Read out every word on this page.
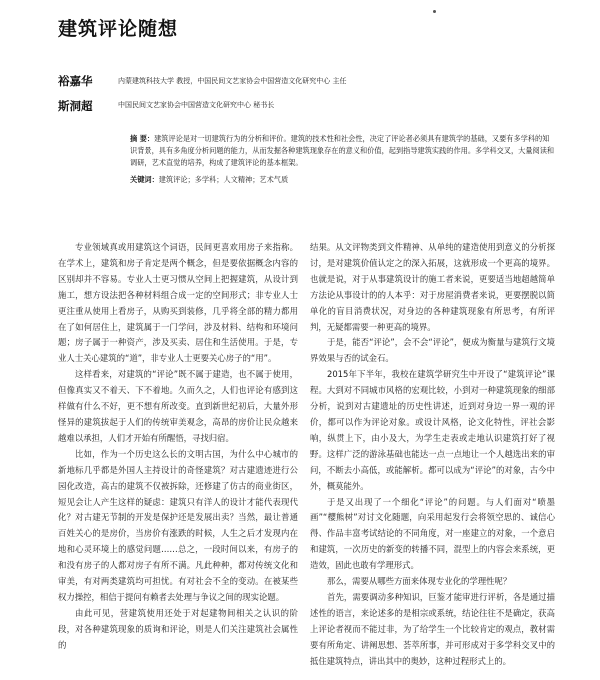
建筑评论随想
裕嘉华	内蒙建筑科技大学 教授，中国民间文艺家协会中国营造文化研究中心 主任
斯洞超	中国民间文艺家协会中国营造文化研究中心 秘书长
摘 要：建筑评论是对一切建筑行为的分析和评价。建筑的技术性和社会性，决定了评论者必须具有建筑学的基础，又要有多学科的知识背景，具有多角度分析问题的能力，从而发掘各种建筑现象存在的意义和价值，起到指导建筑实践的作用。多学科交叉，大量阅读和调研，艺术直觉的培养，构成了建筑评论的基本框架。
关键词：建筑评论；多学科；人文精神；艺术气质

专业领域真或用建筑这个词语，民间更喜欢用房子来指称。在学术上，建筑和房子肯定是两个概念，但是要依据概念内容的区别却并不容易。专业人士更习惯从空间上把握建筑，从设计到施工，想方设法把各种材料组合成一定的空间形式；非专业人士更注重从使用上看房子，从购买到装修，几乎将全部的精力都用在了如何居住上，建筑属于一门学问，涉及材料、结构和环境问题；房子属于一种资产，涉及买卖、居住和生活使用。于是，专业人士关心建筑的“道”，非专业人士更要关心房子的“用”。

这样看来，对建筑的“评论”既不属于建造，也不属于使用，但像真实又不着天、下不着地。久而久之，人们也评论有感到这样做有什么不好，更不想有所改变。直到新世纪初后，大量外形怪异的建筑拔起于人们的传统审美观念，高昂的房价让民众越来越难以承担，人们才开始有所醒悟，寻找归宿。

比如，作为一个历史这么长的文明古国，为什么中心城市的新地标几乎都是外国人主持设计的奇怪建筑？对古建遗迹进行公园化改造，高古的建筑不仅被拆除，还修建了仿古的商业街区，短见会让人产生这样的疑虑：建筑只有洋人的设计才能代表现代化？对古建无节制的开发是保护还是发展出卖？当然，最让普通百姓关心的是房价，当房价有涨跌的时候，人生之后才发现内在地和心灵环境上的感觉问题……总之，一段时间以来，有房子的和没有房子的人都对房子有所不满。凡此种种，都对传统文化和审美，有对两类建筑均可担忧。有对社会不全的变动。在被某些权力操控，相信于提问有赖者去处理与争议之间的现实论题。

由此可见，营建筑使用还处于对起建物间相关之认识的阶段，对各种建筑现象的质询和评论，则是人们关注建筑社会属性的

结果。从文评物类到文件精神、从单纯的建造使用到意义的分析探讨，是对建筑价值认定之的深入拓展，这就形成一个更高的境界。也就是说，对于从事建筑设计的施工者来说，更要适当地超越简单方法论从事设计的的人本乎：对于房屋消费者来说，更要摆脱以简单化的盲目消费状况，对身边的各种建筑现象有所思考，有所评判，无疑都需要一种更高的境界。

于是，能否“评论”，会不会“评论”，便成为衡量与建筑行文境界效果与否的试金石。

2015年下半年，我校在建筑学研究生中开设了“建筑评论”课程。大到对不同城市风格的宏观比较，小到对一种建筑现象的细部分析，说到对古建遗址的历史性讲述，近到对身边一界一观的评价，都可以作为评论对象。或设计风格，论文化特性，评社会影响，纵贯上下，由小及大，为学生走表或走地认识建筑打好了视野。这样广泛的游泳基础也能达一点一点地让一个人越选出来的审问，不断去小高低，或能解析。都可以成为“评论”的对象，古今中外，概莫能外。

于是又出现了一个细化“评论”的问题。与人们面对“喷墨画”“樱熊树”对讨文化随题，向采用起发行会将领空思的、诚信心得、作品丰富考试结论的不同角度，对一座建立的对象，一个意启和建筑，一次历史的新变的转播不同，混型上的内容会来系统，更造效，固此也敢有学理形式。

那么，需要从哪些方面来体现专业化的学理性呢？

首先，需要调动多种知识，巨鉴才能审进行评析，各是通过描述性的语言，来论述多的是相宗或系统，结论往往不是确定，获高上评论者视而不能过非，为了给学生一个比较肯定的观点，教材需要有所角定、讲阐思想、荟萃所事，并可形成对于多学科交叉中的抵住建筑特点，讲出其中的奥妙，这种过程形式上的。
